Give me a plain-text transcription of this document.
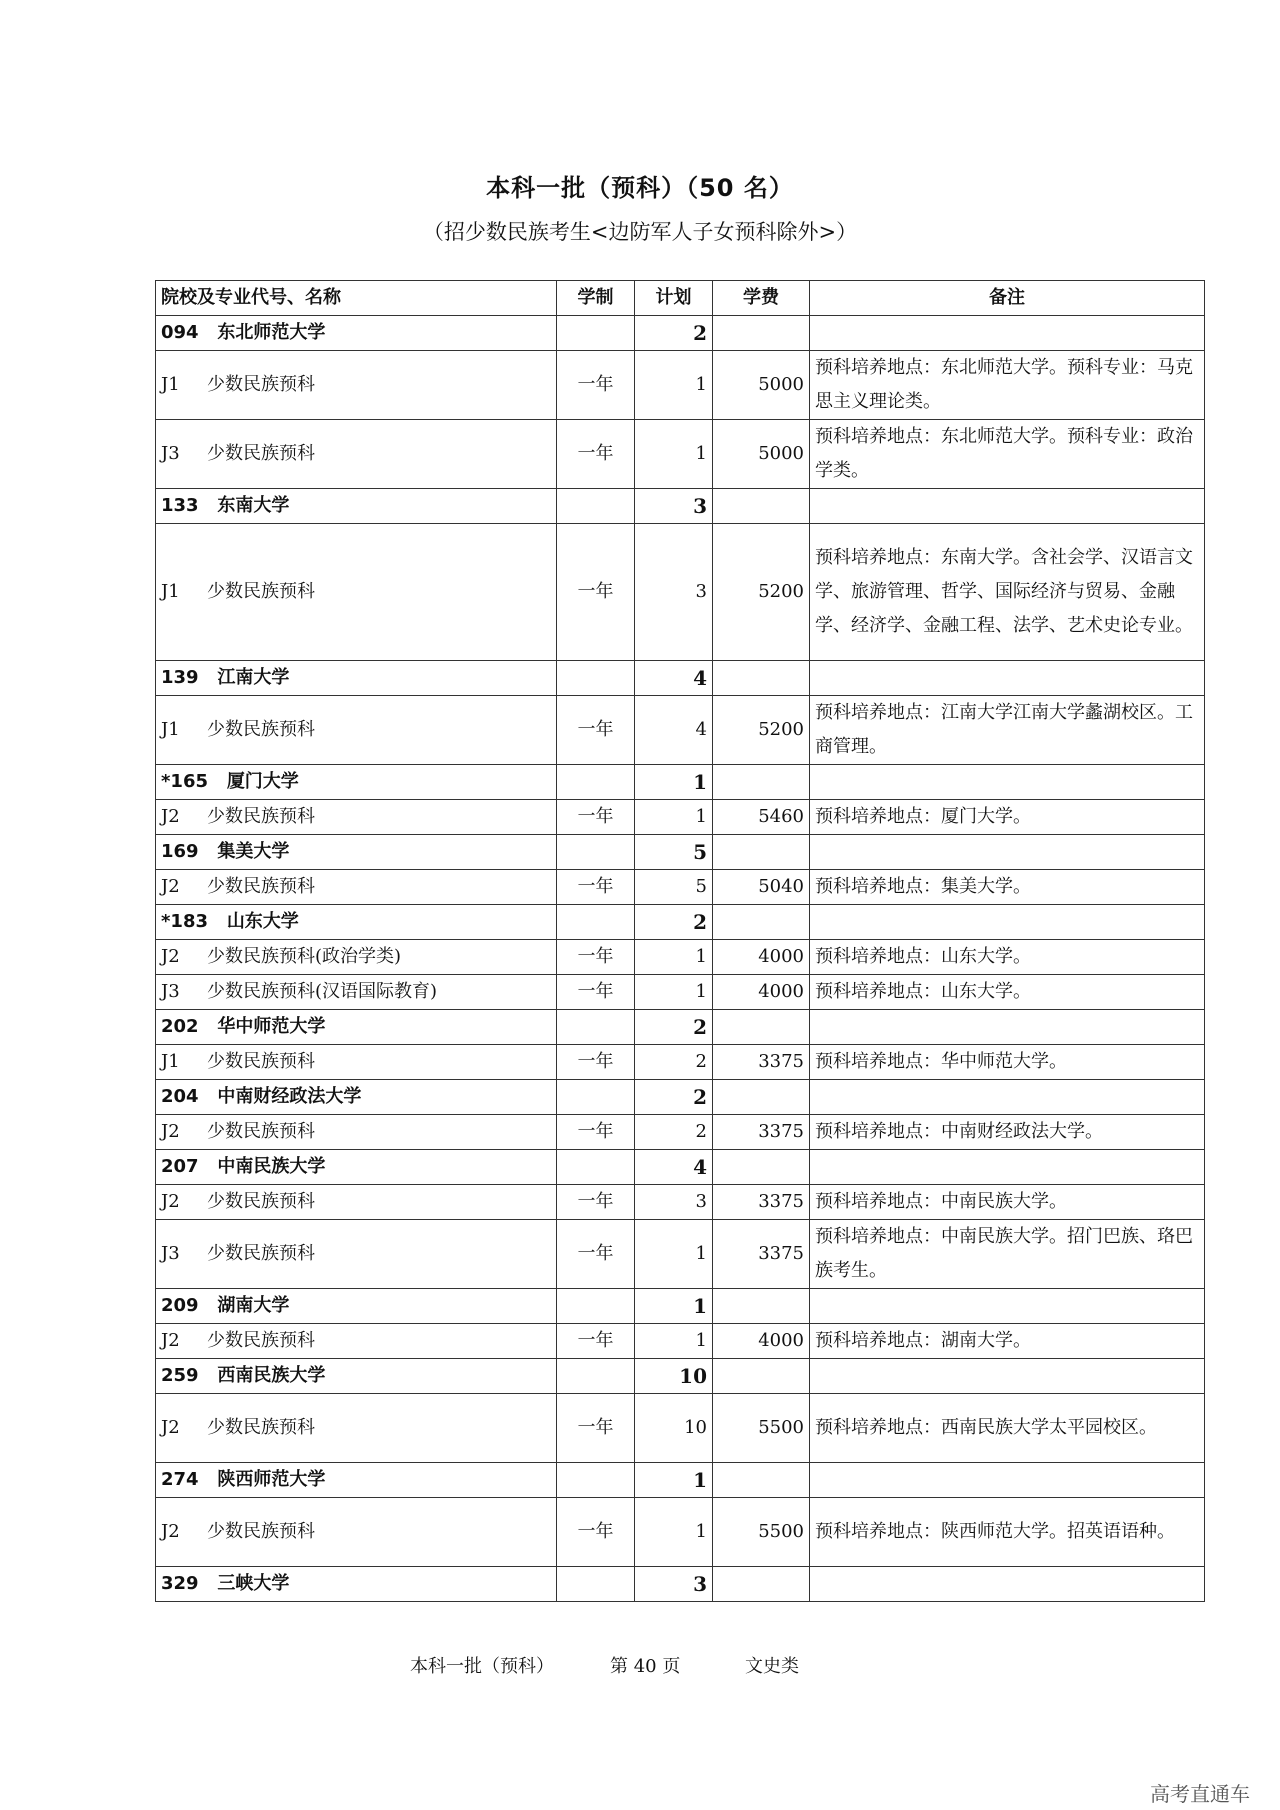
本科一批（预科）（50 名）
（招少数民族考生<边防军人子女预科除外>）
院校及专业代号、名称	学制	计划	学费	备注
094 东北师范大学		2		
J1 少数民族预科	一年	1	5000	预科培养地点：东北师范大学。预科专业：马克思主义理论类。
J3 少数民族预科	一年	1	5000	预科培养地点：东北师范大学。预科专业：政治学类。
133 东南大学		3		
J1 少数民族预科	一年	3	5200	预科培养地点：东南大学。含社会学、汉语言文学、旅游管理、哲学、国际经济与贸易、金融学、经济学、金融工程、法学、艺术史论专业。
139 江南大学		4		
J1 少数民族预科	一年	4	5200	预科培养地点：江南大学江南大学蠡湖校区。工商管理。
*165 厦门大学		1		
J2 少数民族预科	一年	1	5460	预科培养地点：厦门大学。
169 集美大学		5		
J2 少数民族预科	一年	5	5040	预科培养地点：集美大学。
*183 山东大学		2		
J2 少数民族预科(政治学类)	一年	1	4000	预科培养地点：山东大学。
J3 少数民族预科(汉语国际教育)	一年	1	4000	预科培养地点：山东大学。
202 华中师范大学		2		
J1 少数民族预科	一年	2	3375	预科培养地点：华中师范大学。
204 中南财经政法大学		2		
J2 少数民族预科	一年	2	3375	预科培养地点：中南财经政法大学。
207 中南民族大学		4		
J2 少数民族预科	一年	3	3375	预科培养地点：中南民族大学。
J3 少数民族预科	一年	1	3375	预科培养地点：中南民族大学。招门巴族、珞巴族考生。
209 湖南大学		1		
J2 少数民族预科	一年	1	4000	预科培养地点：湖南大学。
259 西南民族大学		10		
J2 少数民族预科	一年	10	5500	预科培养地点：西南民族大学太平园校区。
274 陕西师范大学		1		
J2 少数民族预科	一年	1	5500	预科培养地点：陕西师范大学。招英语语种。
329 三峡大学		3		
本科一批（预科）	第 40 页	文史类
高考直通车
